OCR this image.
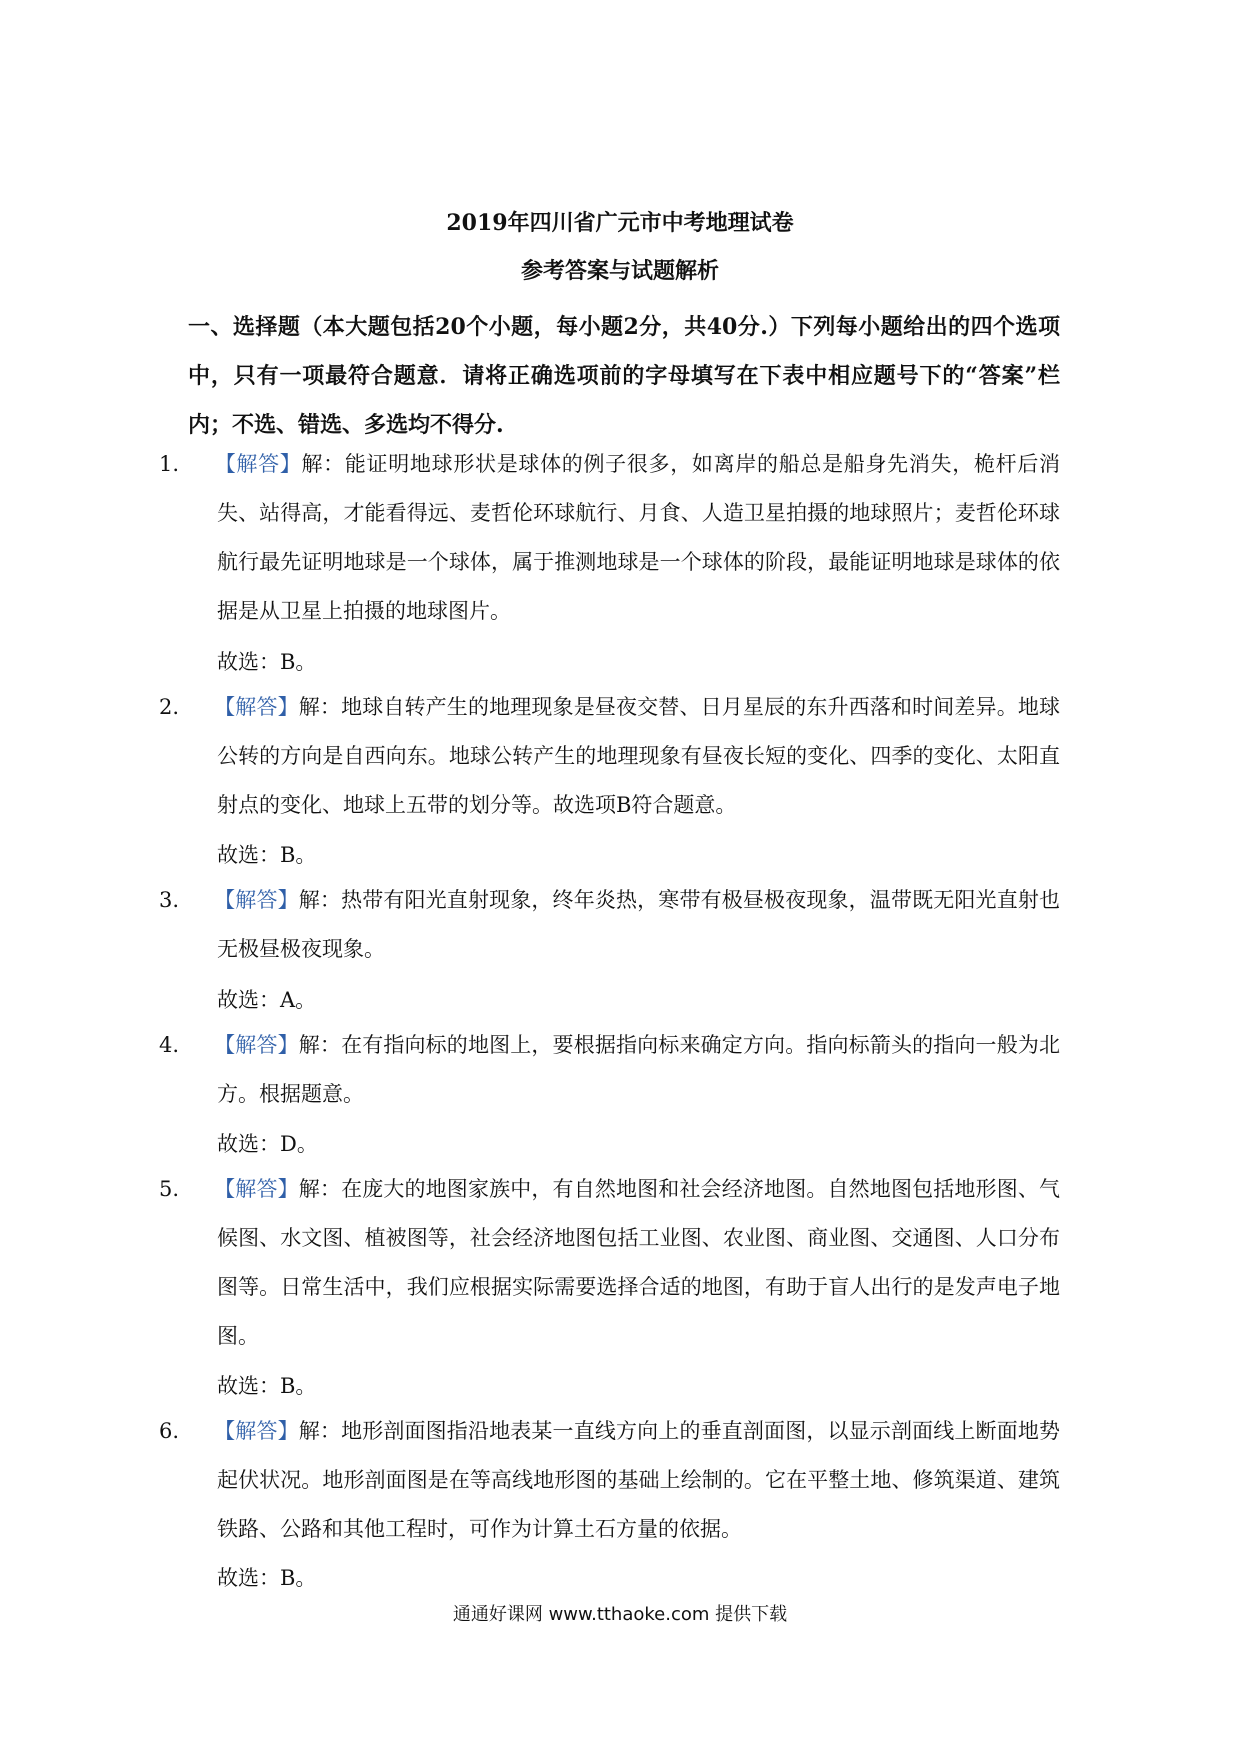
2019年四川省广元市中考地理试卷
参考答案与试题解析
一、选择题（本大题包括20个小题，每小题2分，共40分.）下列每小题给出的四个选项中，只有一项最符合题意．请将正确选项前的字母填写在下表中相应题号下的“答案”栏内；不选、错选、多选均不得分.
1. 【解答】解：能证明地球形状是球体的例子很多，如离岸的船总是船身先消失，桅杆后消失、站得高，才能看得远、麦哲伦环球航行、月食、人造卫星拍摄的地球照片；麦哲伦环球航行最先证明地球是一个球体，属于推测地球是一个球体的阶段，最能证明地球是球体的依据是从卫星上拍摄的地球图片。
故选：B。
2. 【解答】解：地球自转产生的地理现象是昼夜交替、日月星辰的东升西落和时间差异。地球公转的方向是自西向东。地球公转产生的地理现象有昼夜长短的变化、四季的变化、太阳直射点的变化、地球上五带的划分等。故选项B符合题意。
故选：B。
3. 【解答】解：热带有阳光直射现象，终年炎热，寒带有极昼极夜现象，温带既无阳光直射也无极昼极夜现象。
故选：A。
4. 【解答】解：在有指向标的地图上，要根据指向标来确定方向。指向标箭头的指向一般为北方。根据题意。
故选：D。
5. 【解答】解：在庞大的地图家族中，有自然地图和社会经济地图。自然地图包括地形图、气候图、水文图、植被图等，社会经济地图包括工业图、农业图、商业图、交通图、人口分布图等。日常生活中，我们应根据实际需要选择合适的地图，有助于盲人出行的是发声电子地图。
故选：B。
6. 【解答】解：地形剖面图指沿地表某一直线方向上的垂直剖面图，以显示剖面线上断面地势起伏状况。地形剖面图是在等高线地形图的基础上绘制的。它在平整土地、修筑渠道、建筑铁路、公路和其他工程时，可作为计算土石方量的依据。
故选：B。
通通好课网 www.tthaoke.com 提供下载
